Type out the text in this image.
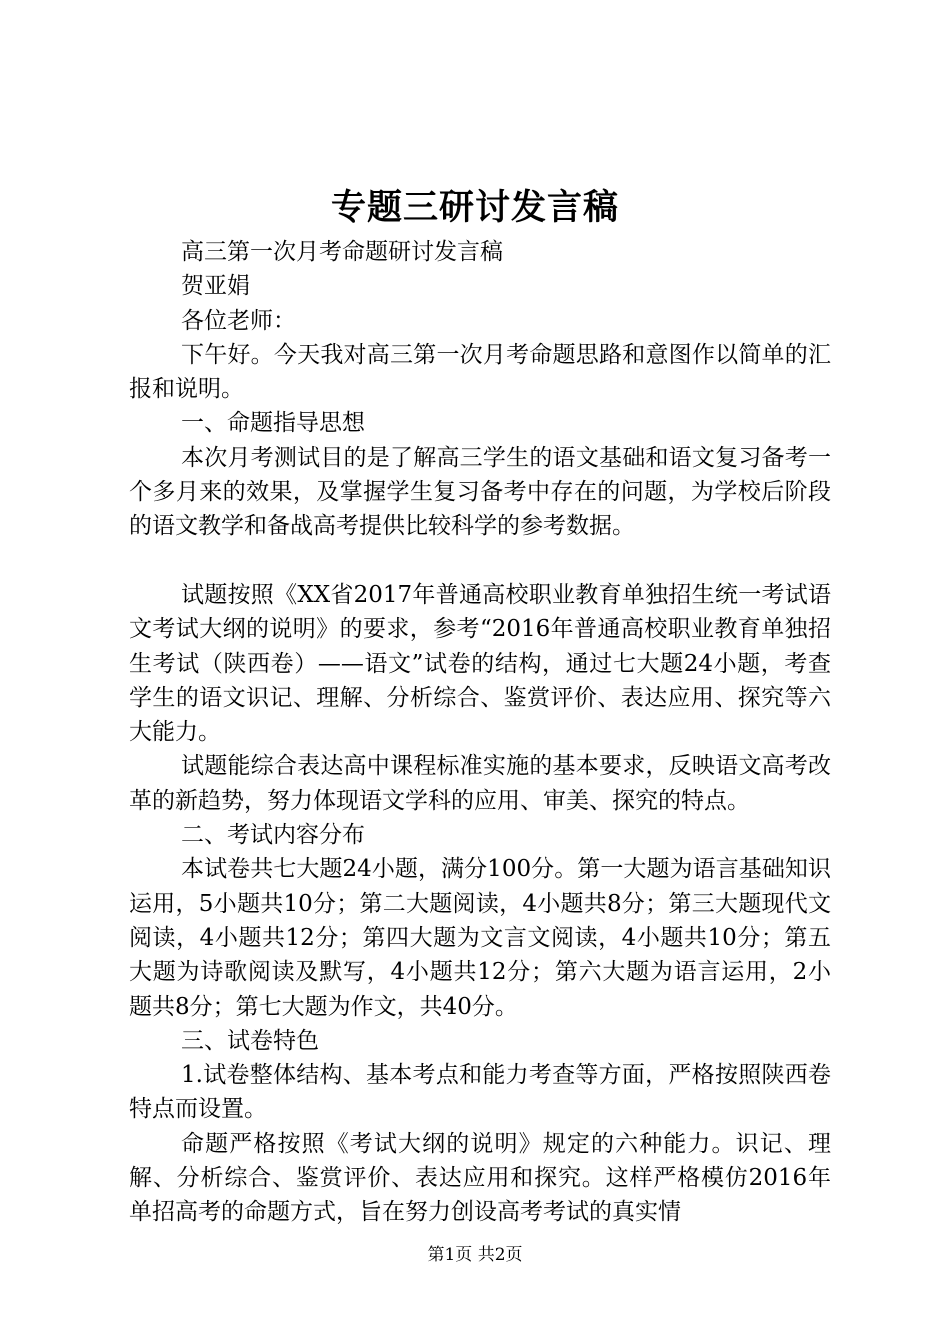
专题三研讨发言稿

高三第一次月考命题研讨发言稿

贺亚娟

各位老师：

下午好。今天我对高三第一次月考命题思路和意图作以简单的汇报和说明。

一、命题指导思想

本次月考测试目的是了解高三学生的语文基础和语文复习备考一个多月来的效果，及掌握学生复习备考中存在的问题，为学校后阶段的语文教学和备战高考提供比较科学的参考数据。

试题按照《XX省2017年普通高校职业教育单独招生统一考试语文考试大纲的说明》的要求，参考“2016年普通高校职业教育单独招生考试（陕西卷）——语文”试卷的结构，通过七大题24小题，考查学生的语文识记、理解、分析综合、鉴赏评价、表达应用、探究等六大能力。

试题能综合表达高中课程标准实施的基本要求，反映语文高考改革的新趋势，努力体现语文学科的应用、审美、探究的特点。

二、考试内容分布

本试卷共七大题24小题，满分100分。第一大题为语言基础知识运用，5小题共10分；第二大题阅读，4小题共8分；第三大题现代文阅读，4小题共12分；第四大题为文言文阅读，4小题共10分；第五大题为诗歌阅读及默写，4小题共12分；第六大题为语言运用，2小题共8分；第七大题为作文，共40分。

三、试卷特色

1.试卷整体结构、基本考点和能力考查等方面，严格按照陕西卷特点而设置。

命题严格按照《考试大纲的说明》规定的六种能力。识记、理解、分析综合、鉴赏评价、表达应用和探究。这样严格模仿2016年单招高考的命题方式，旨在努力创设高考考试的真实情

第1页 共2页
